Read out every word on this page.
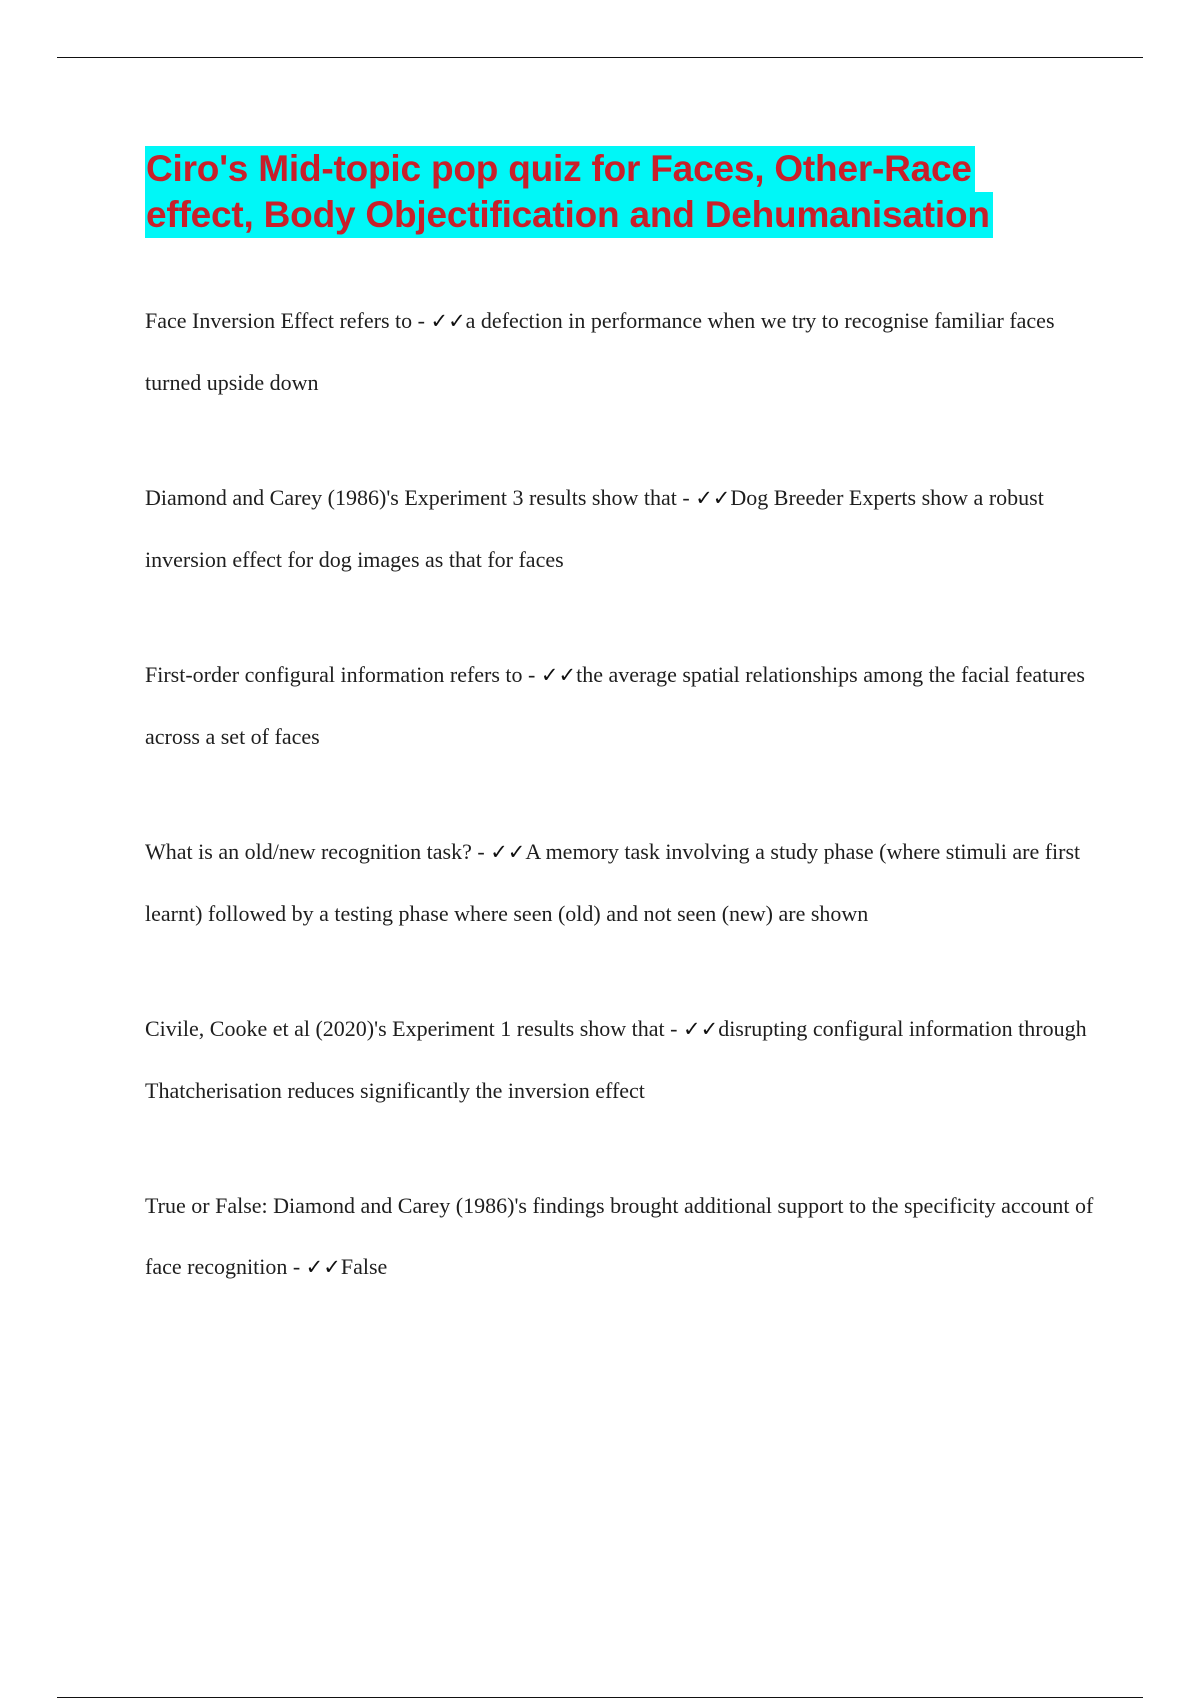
Ciro's Mid-topic pop quiz for Faces, Other-Race
effect, Body Objectification and Dehumanisation

Face Inversion Effect refers to - ✓✓a defection in performance when we try to recognise familiar faces turned upside down

Diamond and Carey (1986)'s Experiment 3 results show that - ✓✓Dog Breeder Experts show a robust inversion effect for dog images as that for faces

First-order configural information refers to - ✓✓the average spatial relationships among the facial features across a set of faces

What is an old/new recognition task? - ✓✓A memory task involving a study phase (where stimuli are first learnt) followed by a testing phase where seen (old) and not seen (new) are shown

Civile, Cooke et al (2020)'s Experiment 1 results show that - ✓✓disrupting configural information through Thatcherisation reduces significantly the inversion effect

True or False: Diamond and Carey (1986)'s findings brought additional support to the specificity account of face recognition - ✓✓False
